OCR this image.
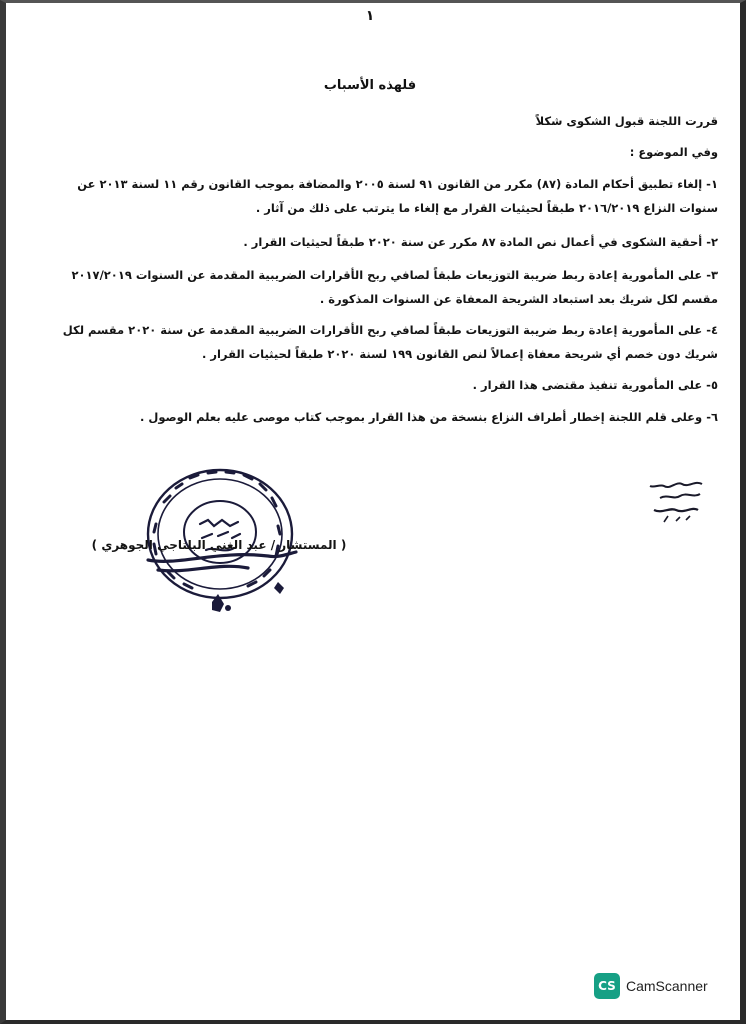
١
فلهذه الأسباب
قررت اللجنة قبول الشكوى شكلاً
وفي الموضوع :
١- إلغاء تطبيق أحكام المادة (٨٧) مكرر من القانون ٩١ لسنة ٢٠٠٥ والمضافة بموجب القانون رقم ١١ لسنة ٢٠١٣ عن
سنوات النزاع ٢٠١٦/٢٠١٩ طبقاً لحيثيات القرار مع إلغاء ما يترتب على ذلك من آثار .
٢- أحقية الشكوى في أعمال نص المادة ٨٧ مكرر عن سنة ٢٠٢٠ طبقاً لحيثيات القرار .
٣- على المأمورية إعادة ربط ضريبة التوزيعات طبقاً لصافي ربح الأقرارات الضريبية المقدمة عن السنوات ٢٠١٧/٢٠١٩
مقسم لكل شريك بعد استبعاد الشريحة المعفاة عن السنوات المذكورة .
٤- على المأمورية إعادة ربط ضريبة التوزيعات طبقاً لصافي ربح الأقرارات الضريبية المقدمة عن سنة ٢٠٢٠ مقسم لكل
شريك دون خصم أي شريحة معفاة إعمالاً لنص القانون ١٩٩ لسنة ٢٠٢٠ طبقاً لحيثيات القرار .
٥- على المأمورية تنفيذ مقتضى هذا القرار .
٦- وعلى قلم اللجنة إخطار أطراف النزاع بنسخة من هذا القرار بموجب كتاب موصى عليه بعلم الوصول .
( المستشار / عبد الغني البلتاجي الجوهري )
CS CamScanner
